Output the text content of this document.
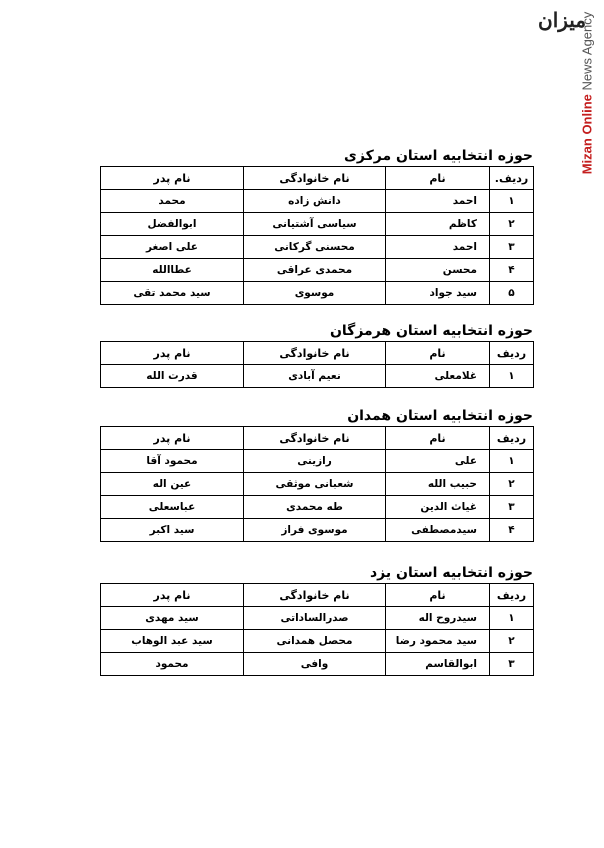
میزان
Mizan Online News Agency
حوزه انتخابیه استان مرکزی
ردیف.	نام	نام خانوادگی	نام پدر
۱	احمد	دانش زاده	محمد
۲	کاظم	سیاسی آشتیانی	ابوالفضل
۳	احمد	محسنی گرکانی	علی اصغر
۴	محسن	محمدی عراقی	عطاالله
۵	سید جواد	موسوی	سید محمد تقی
حوزه انتخابیه استان هرمزگان
ردیف	نام	نام خانوادگی	نام پدر
۱	غلامعلی	نعیم آبادی	قدرت الله
حوزه انتخابیه استان همدان
ردیف	نام	نام خانوادگی	نام پدر
۱	علی	رازینی	محمود آقا
۲	حبیب الله	شعبانی موثقی	عین اله
۳	غیاث الدین	طه محمدی	عباسعلی
۴	سیدمصطفی	موسوی فراز	سید اکبر
حوزه انتخابیه استان یزد
ردیف	نام	نام خانوادگی	نام پدر
۱	سیدروح اله	صدرالساداتی	سید مهدی
۲	سید محمود رضا	محصل همدانی	سید عبد الوهاب
۳	ابوالقاسم	وافی	محمود
